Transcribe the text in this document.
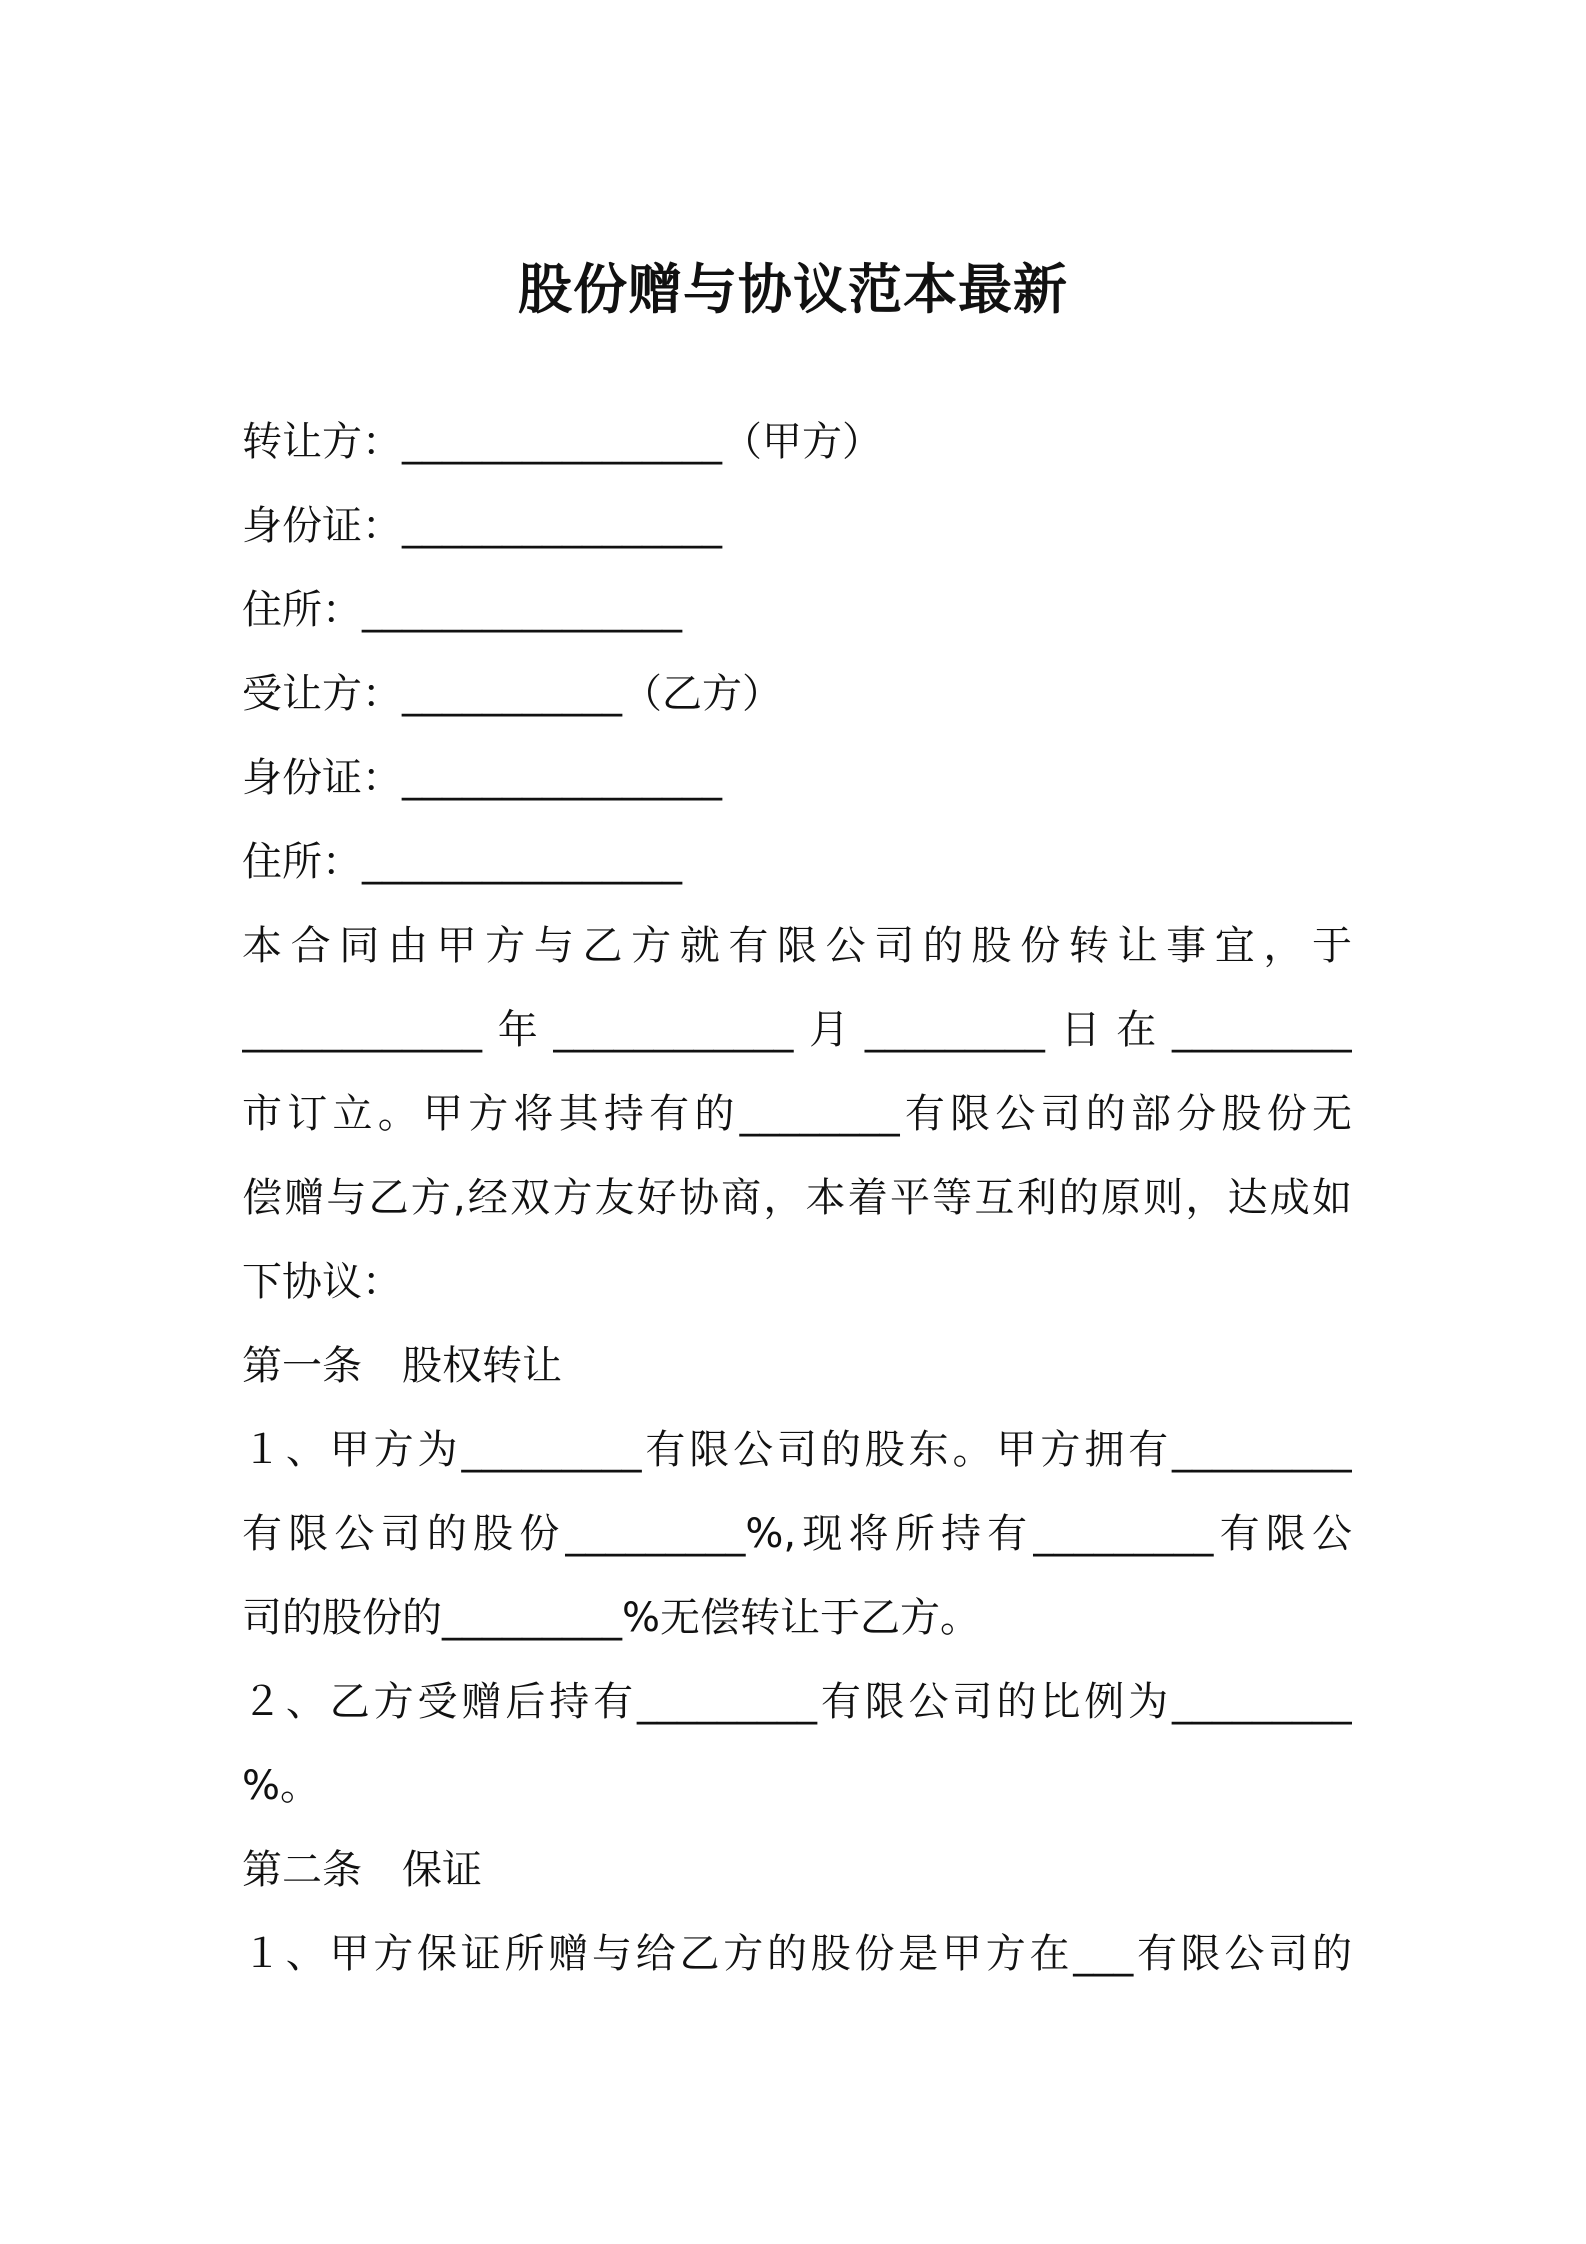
股份赠与协议范本最新
转让方：________________（甲方）
身份证：________________
住所：________________
受让方：___________（乙方）
身份证：________________
住所：________________
本合同由甲方与乙方就有限公司的股份转让事宜，于
____________年____________月_________日在_________
市订立。甲方将其持有的________有限公司的部分股份无
偿赠与乙方,经双方友好协商，本着平等互利的原则，达成如
下协议：
第一条　股权转让
１、甲方为_________有限公司的股东。甲方拥有_________
有限公司的股份_________%,现将所持有_________有限公
司的股份的_________%无偿转让于乙方。
２、乙方受赠后持有_________有限公司的比例为_________
%。
第二条　保证
１、甲方保证所赠与给乙方的股份是甲方在___有限公司的
